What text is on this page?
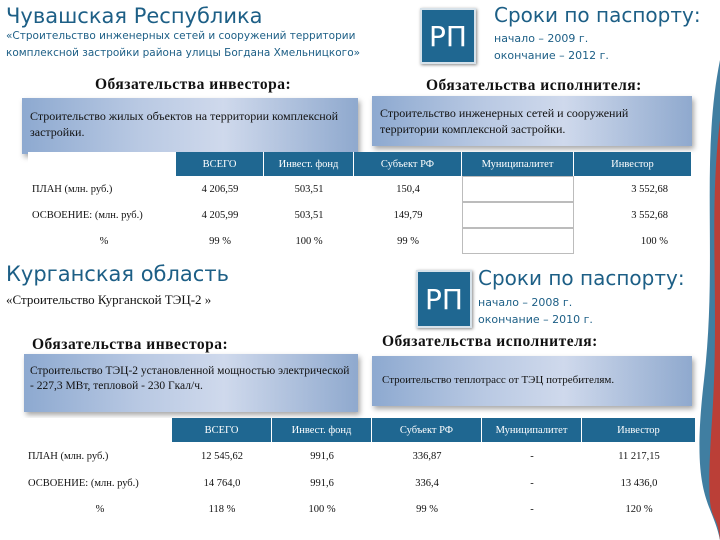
Чувашская Республика
«Строительство инженерных сетей и сооружений территории
комплексной застройки района улицы Богдана Хмельницкого»
РП
Сроки по паспорту:
начало – 2009 г.
окончание – 2012 г.
Обязательства инвестора:	Обязательства исполнителя:
Строительство жилых объектов на территории комплексной застройки.
Строительство инженерных сетей и сооружений территории комплексной застройки.
	ВСЕГО	Инвест. фонд	Субъект РФ	Муниципалитет	Инвестор
ПЛАН (млн. руб.)	4 206,59	503,51	150,4		3 552,68
ОСВОЕНИЕ: (млн. руб.)	4 205,99	503,51	149,79		3 552,68
%	99 %	100 %	99 %		100 %
Курганская область
«Строительство Курганской ТЭЦ-2 »	РП
Сроки по паспорту:
начало – 2008 г.
окончание – 2010 г.
Обязательства инвестора:	Обязательства исполнителя:
Строительство ТЭЦ-2 установленной мощностью электрической - 227,3 МВт, тепловой - 230 Гкал/ч.	Строительство теплотрасс от ТЭЦ потребителям.
	ВСЕГО	Инвест. фонд	Субъект РФ	Муниципалитет	Инвестор
ПЛАН (млн. руб.)	12 545,62	991,6	336,87	-	11 217,15
ОСВОЕНИЕ: (млн. руб.)	14 764,0	991,6	336,4	-	13 436,0
%	118 %	100 %	99 %	-	120 %
